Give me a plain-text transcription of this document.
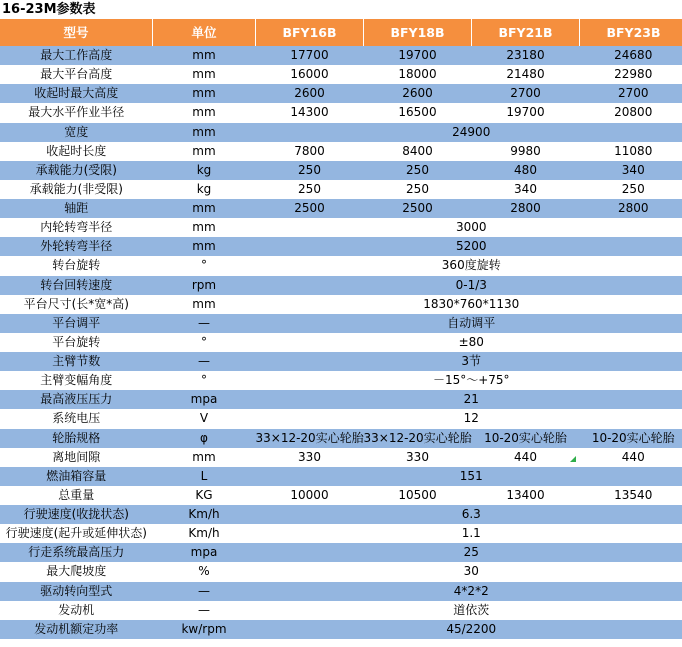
16-23M参数表
型号	单位	BFY16B	BFY18B	BFY21B	BFY23B
最大工作高度	mm	17700	19700	23180	24680
最大平台高度	mm	16000	18000	21480	22980
收起时最大高度	mm	2600	2600	2700	2700
最大水平作业半径	mm	14300	16500	19700	20800
宽度	mm	24900			
收起时长度	mm	7800	8400	9980	11080
承载能力(受限)	kg	250	250	480	340
承载能力(非受限)	kg	250	250	340	250
轴距	mm	2500	2500	2800	2800
内轮转弯半径	mm	3000			
外轮转弯半径	mm	5200			
转台旋转	°	360度旋转			
转台回转速度	rpm	0-1/3			
平台尺寸(长*宽*高)	mm	1830*760*1130			
平台调平	—	自动调平			
平台旋转	°	±80			
主臂节数	—	3节			
主臂变幅角度	°	－15°～+75°			
最高液压压力	mpa	21			
系统电压	V	12			
轮胎规格	φ	33×12-20实心轮胎	33×12-20实心轮胎	10-20实心轮胎	10-20实心轮胎
离地间隙	mm	330	330	440	440
燃油箱容量	L	151			
总重量	KG	10000	10500	13400	13540
行驶速度(收拢状态)	Km/h	6.3			
行驶速度(起升或延伸状态)	Km/h	1.1			
行走系统最高压力	mpa	25			
最大爬坡度	%	30			
驱动转向型式	—	4*2*2			
发动机	—	道依茨			
发动机额定功率	kw/rpm	45/2200			
